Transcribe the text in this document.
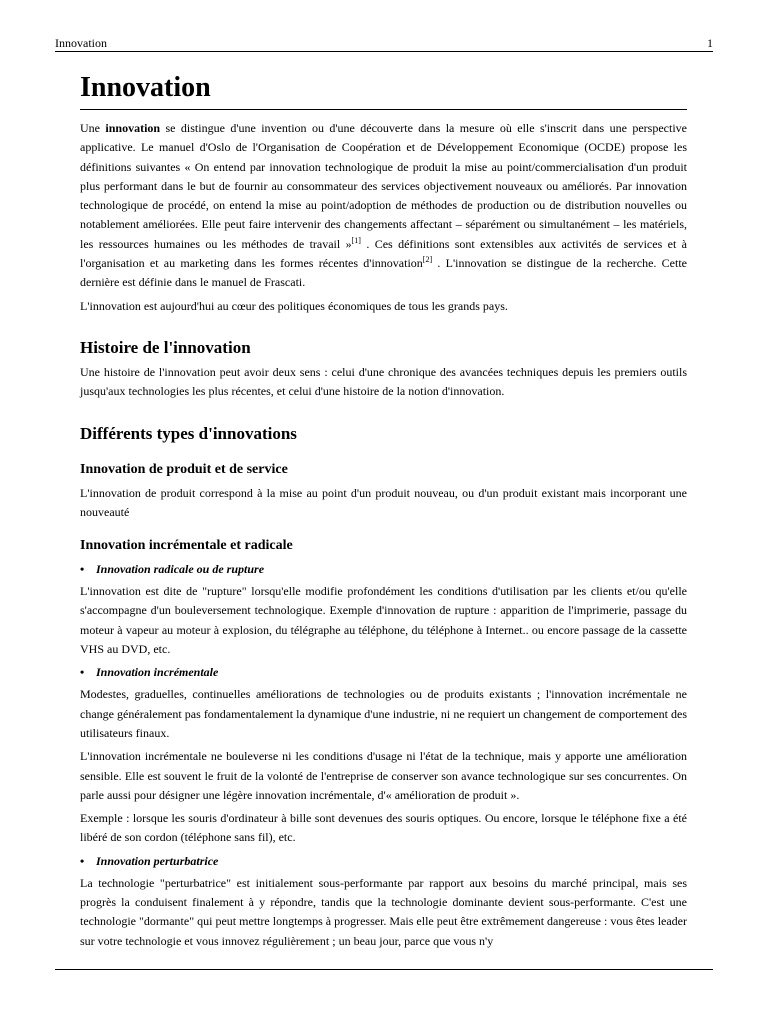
Innovation	1
Innovation

Une innovation se distingue d'une invention ou d'une découverte dans la mesure où elle s'inscrit dans une perspective applicative. Le manuel d'Oslo de l'Organisation de Coopération et de Développement Economique (OCDE) propose les définitions suivantes « On entend par innovation technologique de produit la mise au point/commercialisation d'un produit plus performant dans le but de fournir au consommateur des services objectivement nouveaux ou améliorés. Par innovation technologique de procédé, on entend la mise au point/adoption de méthodes de production ou de distribution nouvelles ou notablement améliorées. Elle peut faire intervenir des changements affectant – séparément ou simultanément – les matériels, les ressources humaines ou les méthodes de travail »[1] . Ces définitions sont extensibles aux activités de services et à l'organisation et au marketing dans les formes récentes d'innovation[2] . L'innovation se distingue de la recherche. Cette dernière est définie dans le manuel de Frascati.

L'innovation est aujourd'hui au cœur des politiques économiques de tous les grands pays.

Histoire de l'innovation

Une histoire de l'innovation peut avoir deux sens : celui d'une chronique des avancées techniques depuis les premiers outils jusqu'aux technologies les plus récentes, et celui d'une histoire de la notion d'innovation.

Différents types d'innovations
Innovation de produit et de service

L'innovation de produit correspond à la mise au point d'un produit nouveau, ou d'un produit existant mais incorporant une nouveauté

Innovation incrémentale et radicale
• Innovation radicale ou de rupture

L'innovation est dite de "rupture" lorsqu'elle modifie profondément les conditions d'utilisation par les clients et/ou qu'elle s'accompagne d'un bouleversement technologique. Exemple d'innovation de rupture : apparition de l'imprimerie, passage du moteur à vapeur au moteur à explosion, du télégraphe au téléphone, du téléphone à Internet.. ou encore passage de la cassette VHS au DVD, etc.

• Innovation incrémentale

Modestes, graduelles, continuelles améliorations de technologies ou de produits existants ; l'innovation incrémentale ne change généralement pas fondamentalement la dynamique d'une industrie, ni ne requiert un changement de comportement des utilisateurs finaux.

L'innovation incrémentale ne bouleverse ni les conditions d'usage ni l'état de la technique, mais y apporte une amélioration sensible. Elle est souvent le fruit de la volonté de l'entreprise de conserver son avance technologique sur ses concurrentes. On parle aussi pour désigner une légère innovation incrémentale, d'« amélioration de produit ».

Exemple : lorsque les souris d'ordinateur à bille sont devenues des souris optiques. Ou encore, lorsque le téléphone fixe a été libéré de son cordon (téléphone sans fil), etc.

• Innovation perturbatrice

La technologie "perturbatrice" est initialement sous-performante par rapport aux besoins du marché principal, mais ses progrès la conduisent finalement à y répondre, tandis que la technologie dominante devient sous-performante. C'est une technologie "dormante" qui peut mettre longtemps à progresser. Mais elle peut être extrêmement dangereuse : vous êtes leader sur votre technologie et vous innovez régulièrement ; un beau jour, parce que vous n'y
